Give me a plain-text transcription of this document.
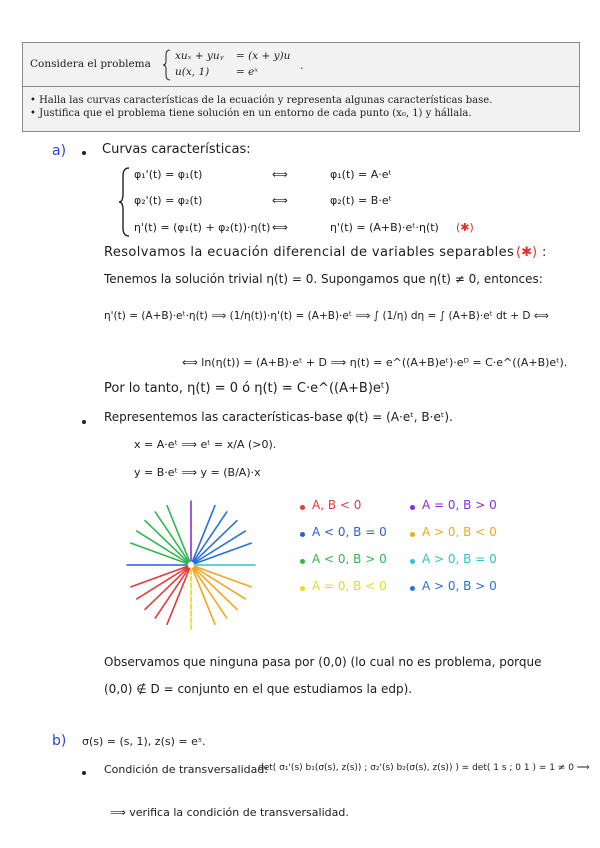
Considera el problema
xuₓ + yuᵧ = (x + y)u
u(x, 1)	= eˣ	.
• Halla las curvas características de la ecuación y representa algunas características base.
• Justifica que el problema tiene solución en un entorno de cada punto (x₀, 1) y hállala.
a)	Curvas características:
φ₁'(t) = φ₁(t)	⟺	φ₁(t) = A·eᵗ
φ₂'(t) = φ₂(t)	⟺	φ₂(t) = B·eᵗ
η'(t) = (φ₁(t) + φ₂(t))·η(t) ⟺	η'(t) = (A+B)·eᵗ·η(t) (✱)
Resolvamos la ecuación diferencial de variables separables (✱) :
Tenemos la solución trivial η(t) = 0. Supongamos que η(t) ≠ 0, entonces:
η'(t) = (A+B)·eᵗ·η(t) ⟹ (1/η(t))·η'(t) = (A+B)·eᵗ ⟹ ∫ (1/η) dη = ∫ (A+B)·eᵗ dt + D ⟺
⟺ ln(η(t)) = (A+B)·eᵗ + D ⟹ η(t) = e^((A+B)eᵗ)·eᴰ = C·e^((A+B)eᵗ).
Por lo tanto, η(t) = 0 ó η(t) = C·e^((A+B)eᵗ)
Representemos las características-base φ(t) = (A·eᵗ, B·eᵗ).
x = A·eᵗ ⟹ eᵗ = x/A (>0).
y = B·eᵗ ⟹ y = (B/A)·x
A, B < 0	A = 0, B > 0
A < 0, B = 0	A > 0, B < 0
A < 0, B > 0	A > 0, B = 0
A = 0, B < 0	A > 0, B > 0
Observamos que ninguna pasa por (0,0) (lo cual no es problema, porque
(0,0) ∉ D = conjunto en el que estudiamos la edp).
b) σ(s) = (s, 1), z(s) = eˢ.
Condición de transversalidad:
det( σ₁'(s) b₁(σ(s), z(s)) ; σ₂'(s) b₂(σ(s), z(s)) ) = det( 1 s ; 0 1 ) = 1 ≠ 0 ⟹
⟹ verifica la condición de transversalidad.
